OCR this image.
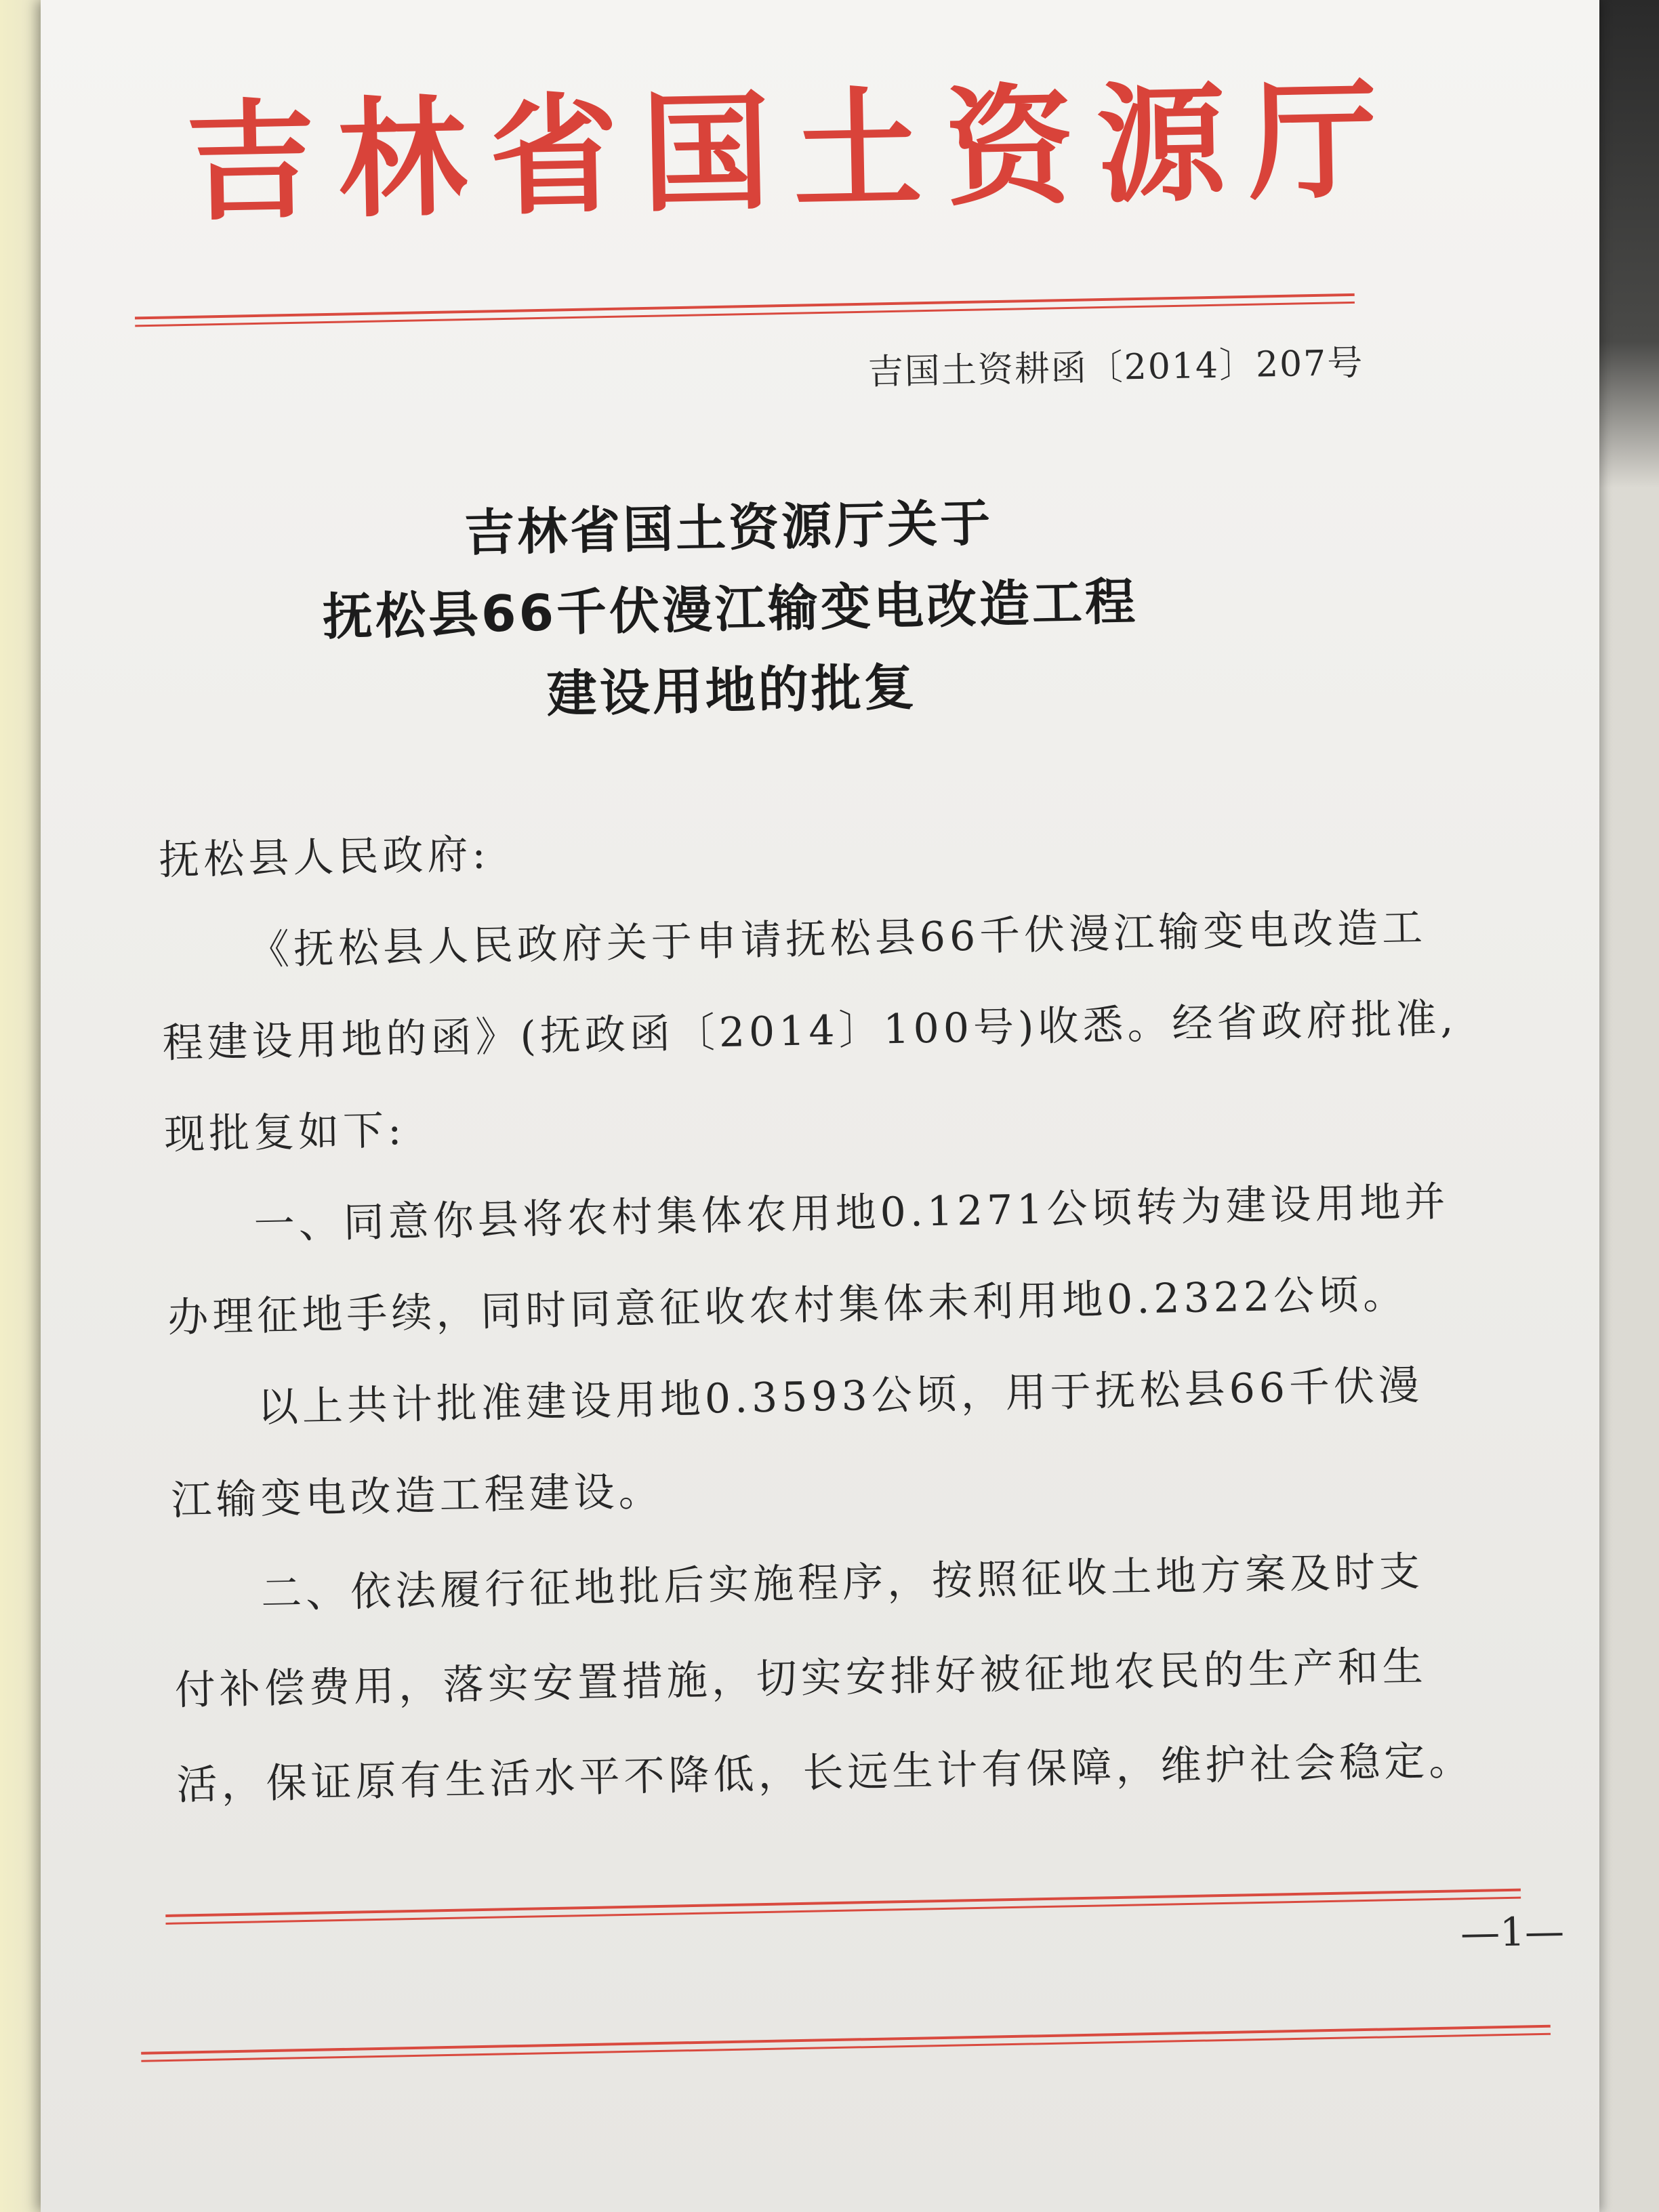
吉林省国土资源厅
吉国土资耕函〔2014〕207号
吉林省国土资源厅关于
抚松县66千伏漫江输变电改造工程
建设用地的批复
抚松县人民政府:
《抚松县人民政府关于申请抚松县66千伏漫江输变电改造工
程建设用地的函》(抚政函〔2014〕100号)收悉。经省政府批准,
现批复如下:
一、同意你县将农村集体农用地0.1271公顷转为建设用地并
办理征地手续，同时同意征收农村集体未利用地0.2322公顷。
以上共计批准建设用地0.3593公顷，用于抚松县66千伏漫
江输变电改造工程建设。
二、依法履行征地批后实施程序，按照征收土地方案及时支
付补偿费用，落实安置措施，切实安排好被征地农民的生产和生
活，保证原有生活水平不降低，长远生计有保障，维护社会稳定。
—1—
